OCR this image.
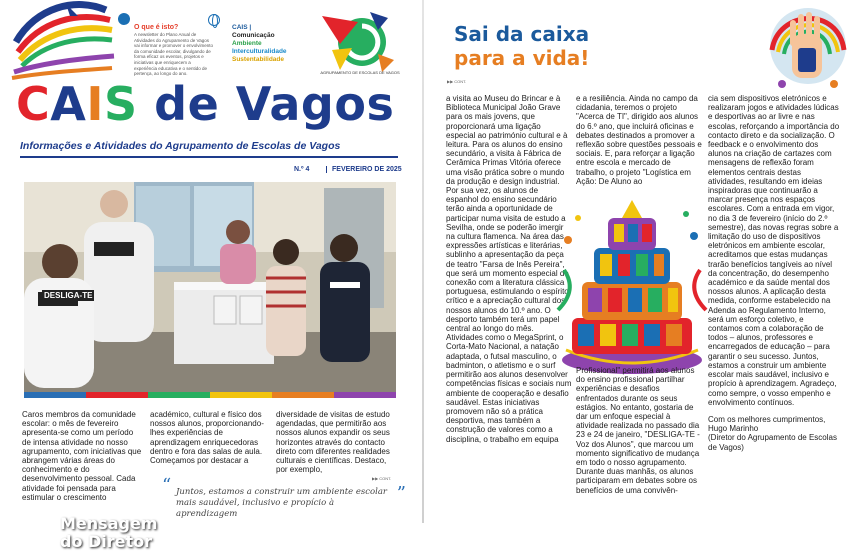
O que é isto?
A newsletter do Plano Anual de Atividades do Agrupamento de Vagos vai informar e promover o envolvimento da comunidade escolar, divulgando de forma eficaz os eventos, projetos e iniciativas que enriquecem a experiência educativa e o sentido de pertença, ao longo do ano.
CAIS |
Comunicação
Ambiente
Interculturalidade
Sustentabilidade
AGRUPAMENTO DE ESCOLAS DE VAGOS
CAIS de Vagos
Informações e Atividades do Agrupamento de Escolas de Vagos
N.º 4	FEVEREIRO DE 2025
Mensagem
do Diretor
DESLIGA-TE
Caros membros da comunidade escolar: o mês de fevereiro apresenta-se como um período de intensa atividade no nosso agrupamento, com iniciativas que abrangem várias áreas do conhecimento e do desenvolvimento pessoal. Cada atividade foi pensada para estimular o crescimento
académico, cultural e físico dos nossos alunos, proporcionando-lhes experiências de aprendizagem enriquecedoras dentro e fora das salas de aula. Começamos por destacar a
diversidade de visitas de estudo agendadas, que permitirão aos nossos alunos expandir os seus horizontes através do contacto direto com diferentes realidades culturais e científicas. Destaco, por exemplo,
▶▶ CONT.
“ Juntos, estamos a construir um ambiente escolar mais saudável, inclusivo e propício à aprendizagem
”
Sai da caixa
para a vida!
▶▶ CONT.
a visita ao Museu do Brincar e à Biblioteca Municipal João Grave para os mais jovens, que proporcionará uma ligação especial ao património cultural e à leitura. Para os alunos do ensino secundário, a visita à Fábrica de Cerâmica Primas Vitória oferece uma visão prática sobre o mundo da produção e design industrial. Por sua vez, os alunos de espanhol do ensino secundário terão ainda a oportunidade de participar numa visita de estudo a Sevilha, onde se poderão imergir na cultura flamenca. Na área das expressões artísticas e literárias, sublinho a apresentação da peça de teatro "Farsa de Inês Pereira", que será um momento especial de conexão com a literatura clássica portuguesa, estimulando o espírito crítico e a apreciação cultural dos nossos alunos do 10.º ano. O desporto também terá um papel central ao longo do mês. Atividades como o MegaSprint, o Corta-Mato Nacional, a natação adaptada, o futsal masculino, o badminton, o atletismo e o surf permitirão aos alunos desenvolver competências físicas e sociais num ambiente de cooperação e desafio saudável. Estas iniciativas promovem não só a prática desportiva, mas também a construção de valores como a disciplina, o trabalho em equipa
e a resiliência. Ainda no campo da cidadania, teremos o projeto "Acerca de TI", dirigido aos alunos do 6.º ano, que incluirá oficinas e debates destinados a promover a reflexão sobre questões pessoais e sociais. E, para reforçar a ligação entre escola e mercado de trabalho, o projeto "Logística em Ação: De Aluno ao
Profissional" permitirá aos alunos do ensino profissional partilhar experiências e desafios enfrentados durante os seus estágios. No entanto, gostaria de dar um enfoque especial à atividade realizada no passado dia 23 e 24 de janeiro, "DESLIGA-TE - Voz dos Alunos", que marcou um momento significativo de mudança em todo o nosso agrupamento. Durante duas manhãs, os alunos participaram em debates sobre os benefícios de uma convivên-

cia sem dispositivos eletrónicos e realizaram jogos e atividades lúdicas e desportivas ao ar livre e nas escolas, reforçando a importância do contacto direto e da socialização. O feedback e o envolvimento dos alunos na criação de cartazes com mensagens de reflexão foram elementos centrais destas atividades, resultando em ideias inspiradoras que continuarão a marcar presença nos espaços escolares. Com a entrada em vigor, no dia 3 de fevereiro (início do 2.º semestre), das novas regras sobre a limitação do uso de dispositivos eletrónicos em ambiente escolar, acreditamos que estas mudanças trarão benefícios tangíveis ao nível da concentração, do desempenho académico e da saúde mental dos nossos alunos. A aplicação desta medida, conforme estabelecido na Adenda ao Regulamento Interno, será um esforço coletivo, e contamos com a colaboração de todos – alunos, professores e encarregados de educação – para garantir o seu sucesso. Juntos, estamos a construir um ambiente escolar mais saudável, inclusivo e propício à aprendizagem. Agradeço, como sempre, o vosso empenho e envolvimento contínuos.

Com os melhores cumprimentos,

Hugo Marinho

(Diretor do Agrupamento de Escolas de Vagos)
